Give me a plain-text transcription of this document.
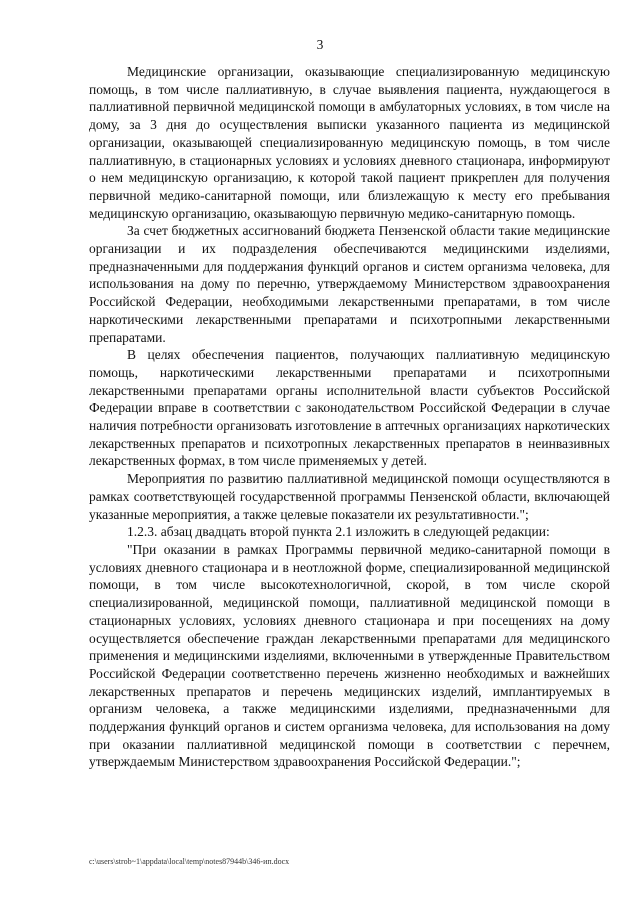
3

Медицинские организации, оказывающие специализированную медицинскую помощь, в том числе паллиативную, в случае выявления пациента, нуждающегося в паллиативной первичной медицинской помощи в амбулаторных условиях, в том числе на дому, за 3 дня до осуществления выписки указанного пациента из медицинской организации, оказывающей специализированную медицинскую помощь, в том числе паллиативную, в стационарных условиях и условиях дневного стационара, информируют о нем медицинскую организацию, к которой такой пациент прикреплен для получения первичной медико-санитарной помощи, или близлежащую к месту его пребывания медицинскую организацию, оказывающую первичную медико-санитарную помощь.

За счет бюджетных ассигнований бюджета Пензенской области такие медицинские организации и их подразделения обеспечиваются медицинскими изделиями, предназначенными для поддержания функций органов и систем организма человека, для использования на дому по перечню, утверждаемому Министерством здравоохранения Российской Федерации, необходимыми лекарственными препаратами, в том числе наркотическими лекарственными препаратами и психотропными лекарственными препаратами.

В целях обеспечения пациентов, получающих паллиативную медицинскую помощь, наркотическими лекарственными препаратами и психотропными лекарственными препаратами органы исполнительной власти субъектов Российской Федерации вправе в соответствии с законодательством Российской Федерации в случае наличия потребности организовать изготовление в аптечных организациях наркотических лекарственных препаратов и психотропных лекарственных препаратов в неинвазивных лекарственных формах, в том числе применяемых у детей.

Мероприятия по развитию паллиативной медицинской помощи осуществляются в рамках соответствующей государственной программы Пензенской области, включающей указанные мероприятия, а также целевые показатели их результативности.";

1.2.3. абзац двадцать второй пункта 2.1 изложить в следующей редакции:

"При оказании в рамках Программы первичной медико-санитарной помощи в условиях дневного стационара и в неотложной форме, специализированной медицинской помощи, в том числе высокотехнологичной, скорой, в том числе скорой специализированной, медицинской помощи, паллиативной медицинской помощи в стационарных условиях, условиях дневного стационара и при посещениях на дому осуществляется обеспечение граждан лекарственными препаратами для медицинского применения и медицинскими изделиями, включенными в утвержденные Правительством Российской Федерации соответственно перечень жизненно необходимых и важнейших лекарственных препаратов и перечень медицинских изделий, имплантируемых в организм человека, а также медицинскими изделиями, предназначенными для поддержания функций органов и систем организма человека, для использования на дому при оказании паллиативной медицинской помощи в соответствии с перечнем, утверждаемым Министерством здравоохранения Российской Федерации.";

c:\users\strob~1\appdata\local\temp\notes87944b\346-ип.docx
